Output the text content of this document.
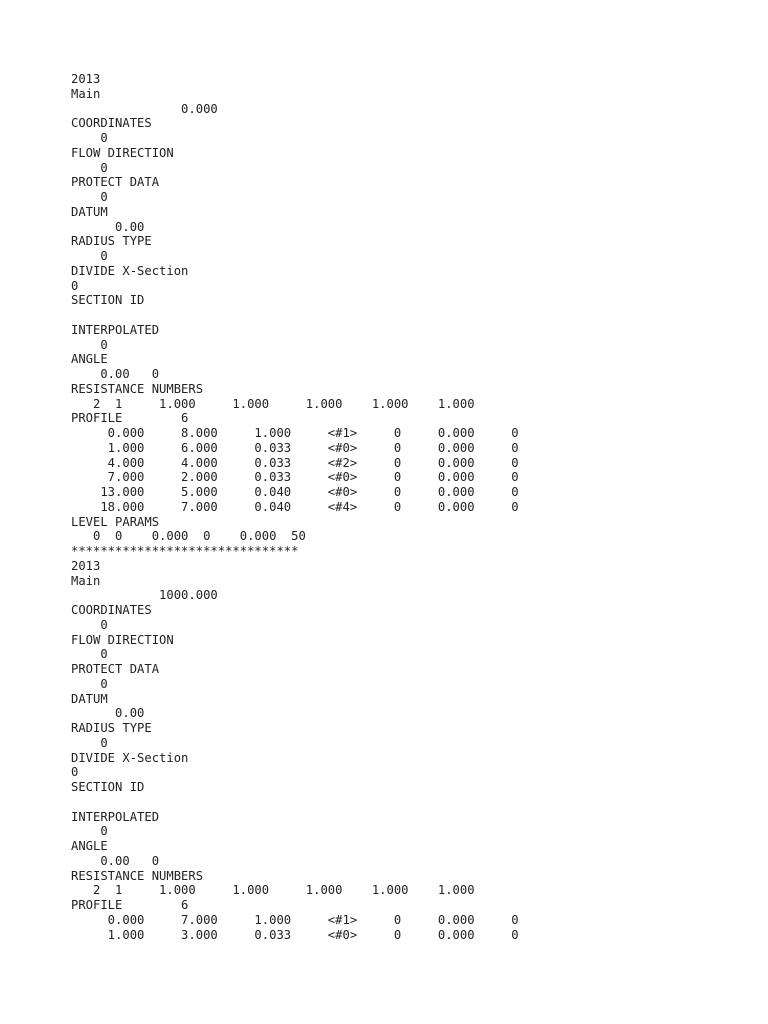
2013
Main
0.000
COORDINATES
0
FLOW DIRECTION
0
PROTECT DATA
0
DATUM
0.00
RADIUS TYPE
0
DIVIDE X-Section
0
SECTION ID
INTERPOLATED
0
ANGLE
0.00   0
RESISTANCE NUMBERS
2  1     1.000     1.000     1.000    1.000    1.000
PROFILE        6
0.000     8.000     1.000     <#1>     0     0.000     0
1.000     6.000     0.033     <#0>     0     0.000     0
4.000     4.000     0.033     <#2>     0     0.000     0
7.000     2.000     0.033     <#0>     0     0.000     0
13.000     5.000     0.040     <#0>     0     0.000     0
18.000     7.000     0.040     <#4>     0     0.000     0
LEVEL PARAMS
0  0    0.000  0    0.000  50
*******************************
2013
Main
1000.000
COORDINATES
0
FLOW DIRECTION
0
PROTECT DATA
0
DATUM
0.00
RADIUS TYPE
0
DIVIDE X-Section
0
SECTION ID
INTERPOLATED
0
ANGLE
0.00   0
RESISTANCE NUMBERS
2  1     1.000     1.000     1.000    1.000    1.000
PROFILE        6
0.000     7.000     1.000     <#1>     0     0.000     0
1.000     3.000     0.033     <#0>     0     0.000     0
